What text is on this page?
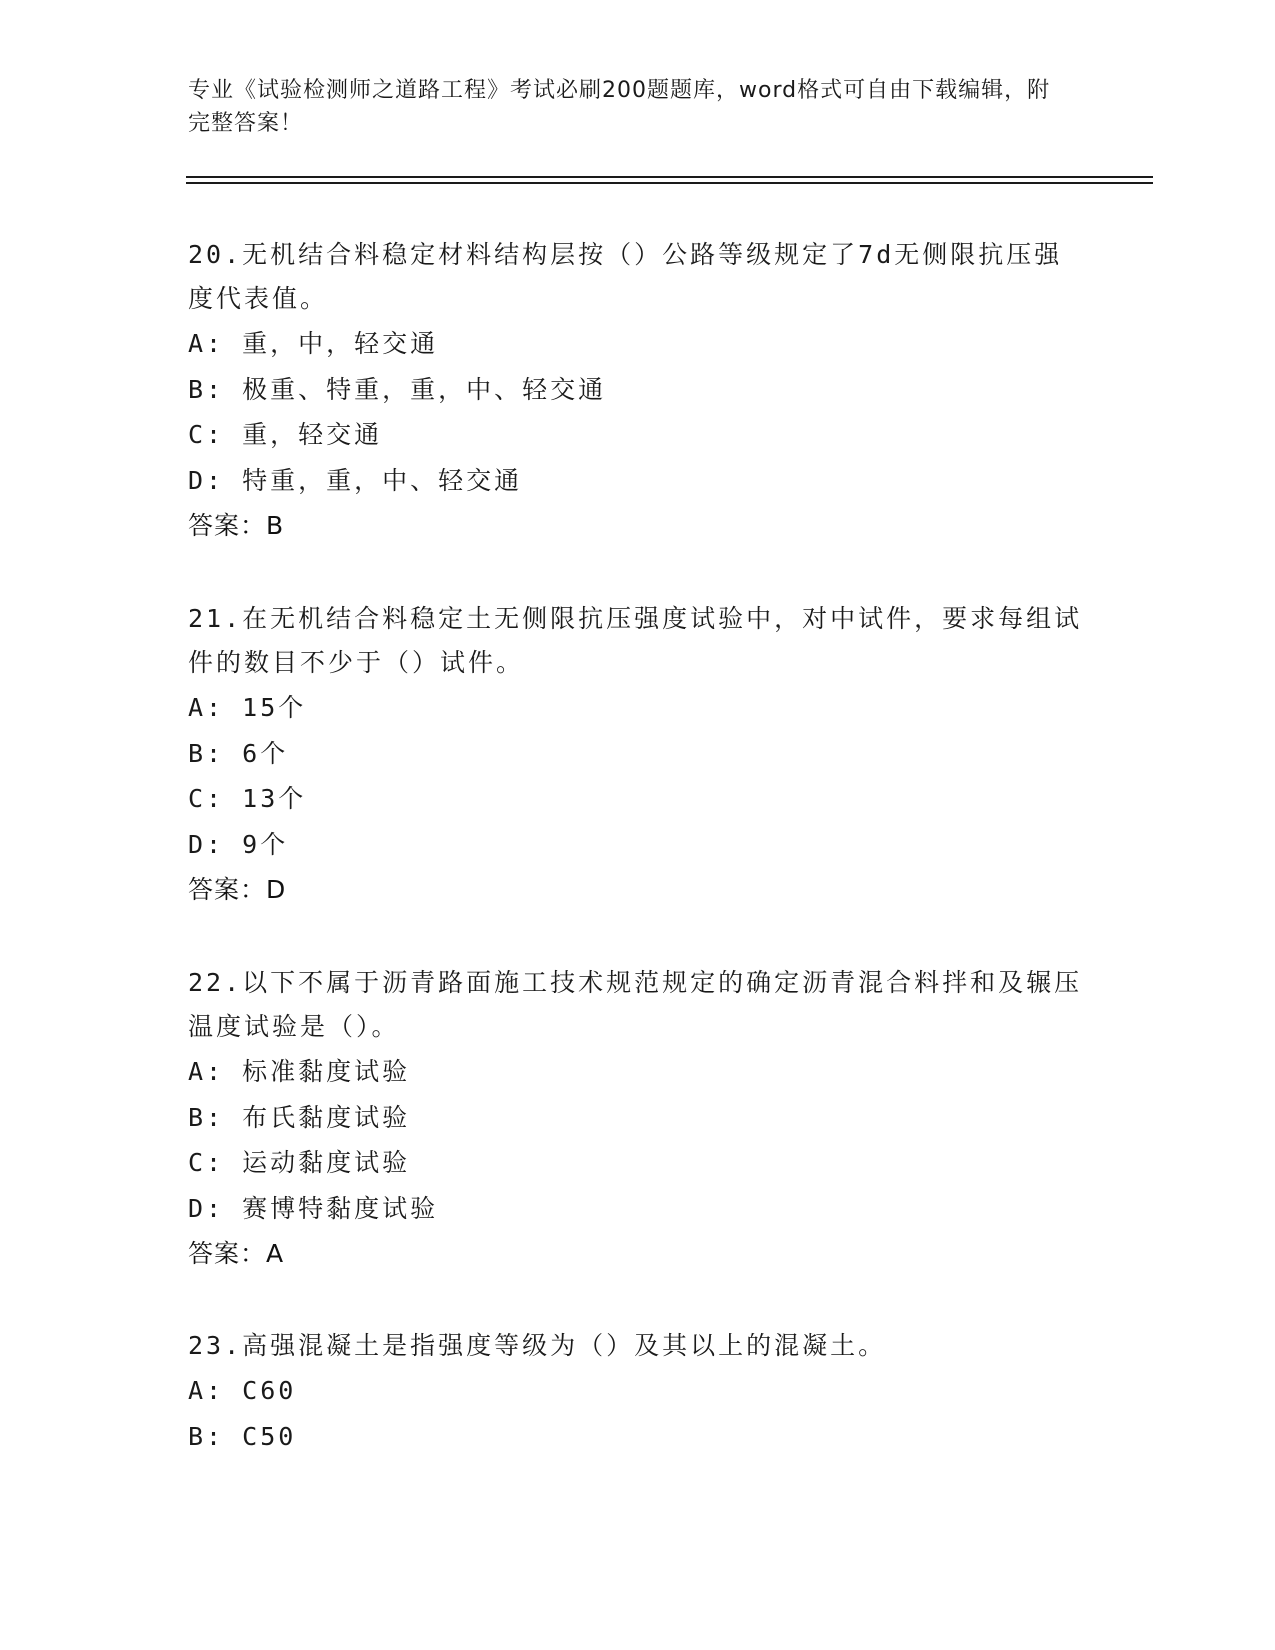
专业《试验检测师之道路工程》考试必刷200题题库，word格式可自由下载编辑，附完整答案！

20.无机结合料稳定材料结构层按（）公路等级规定了7d无侧限抗压强度代表值。

A: 重，中，轻交通

B: 极重、特重，重，中、轻交通

C: 重，轻交通

D: 特重，重，中、轻交通

答案：B

21.在无机结合料稳定土无侧限抗压强度试验中，对中试件，要求每组试件的数目不少于（）试件。

A: 15个

B: 6个

C: 13个

D: 9个

答案：D

22.以下不属于沥青路面施工技术规范规定的确定沥青混合料拌和及辗压温度试验是（）。

A: 标准黏度试验

B: 布氏黏度试验

C: 运动黏度试验

D: 赛博特黏度试验

答案：A

23.高强混凝土是指强度等级为（）及其以上的混凝土。

A: C60

B: C50
